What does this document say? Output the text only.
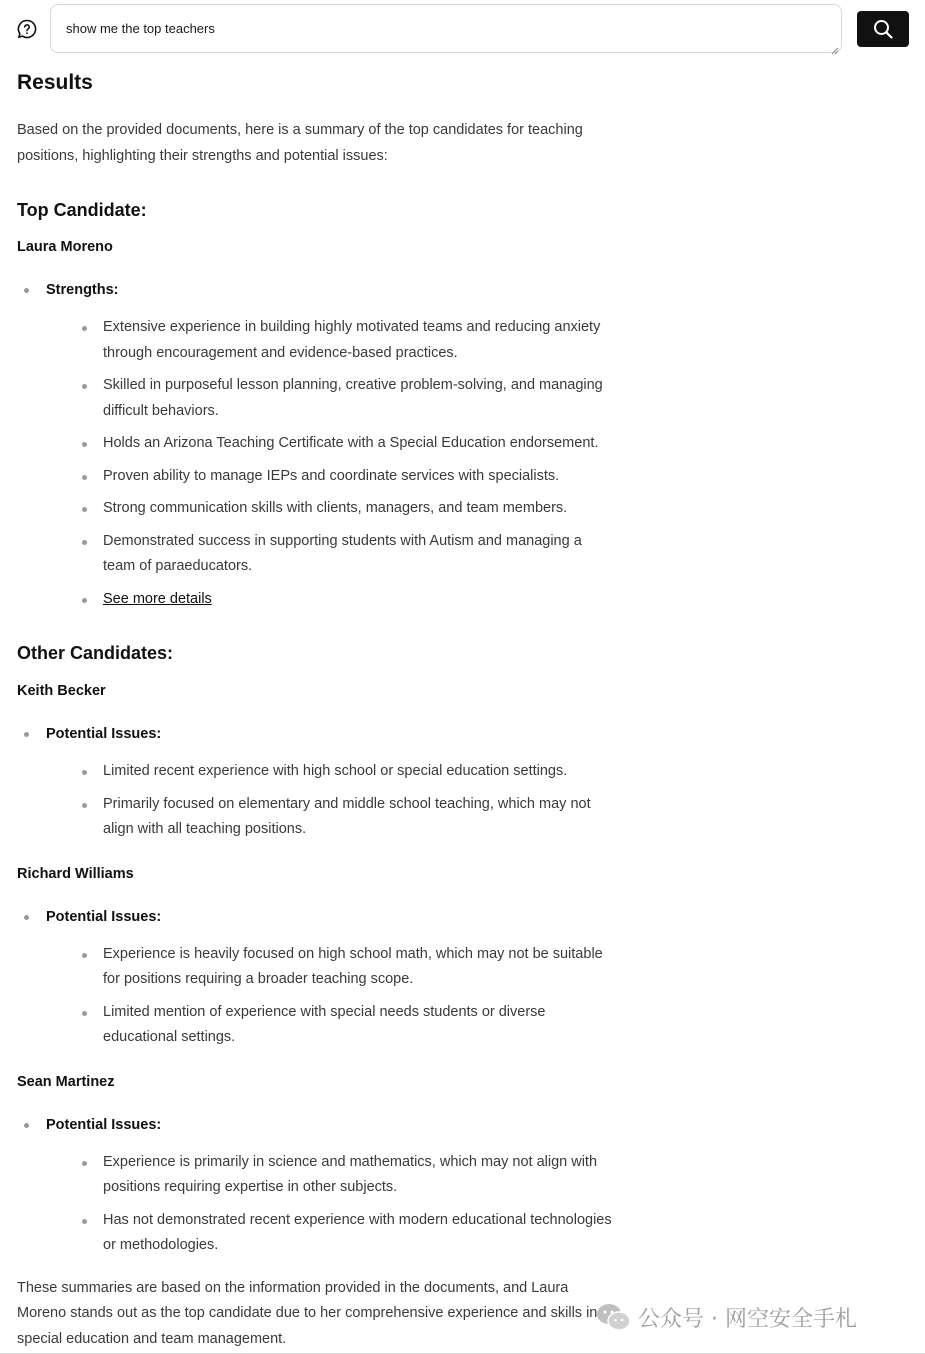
show me the top teachers
Results

Based on the provided documents, here is a summary of the top candidates for teaching positions, highlighting their strengths and potential issues:

Top Candidate:

Laura Moreno

Strengths:
Extensive experience in building highly motivated teams and reducing anxiety through encouragement and evidence-based practices.
Skilled in purposeful lesson planning, creative problem-solving, and managing difficult behaviors.
Holds an Arizona Teaching Certificate with a Special Education endorsement.
Proven ability to manage IEPs and coordinate services with specialists.
Strong communication skills with clients, managers, and team members.
Demonstrated success in supporting students with Autism and managing a team of paraeducators.
See more details
Other Candidates:

Keith Becker

Potential Issues:
Limited recent experience with high school or special education settings.
Primarily focused on elementary and middle school teaching, which may not align with all teaching positions.

Richard Williams

Potential Issues:
Experience is heavily focused on high school math, which may not be suitable for positions requiring a broader teaching scope.
Limited mention of experience with special needs students or diverse educational settings.

Sean Martinez

Potential Issues:
Experience is primarily in science and mathematics, which may not align with positions requiring expertise in other subjects.
Has not demonstrated recent experience with modern educational technologies or methodologies.

These summaries are based on the information provided in the documents, and Laura Moreno stands out as the top candidate due to her comprehensive experience and skills in special education and team management.

公众号 · 网空安全手札
